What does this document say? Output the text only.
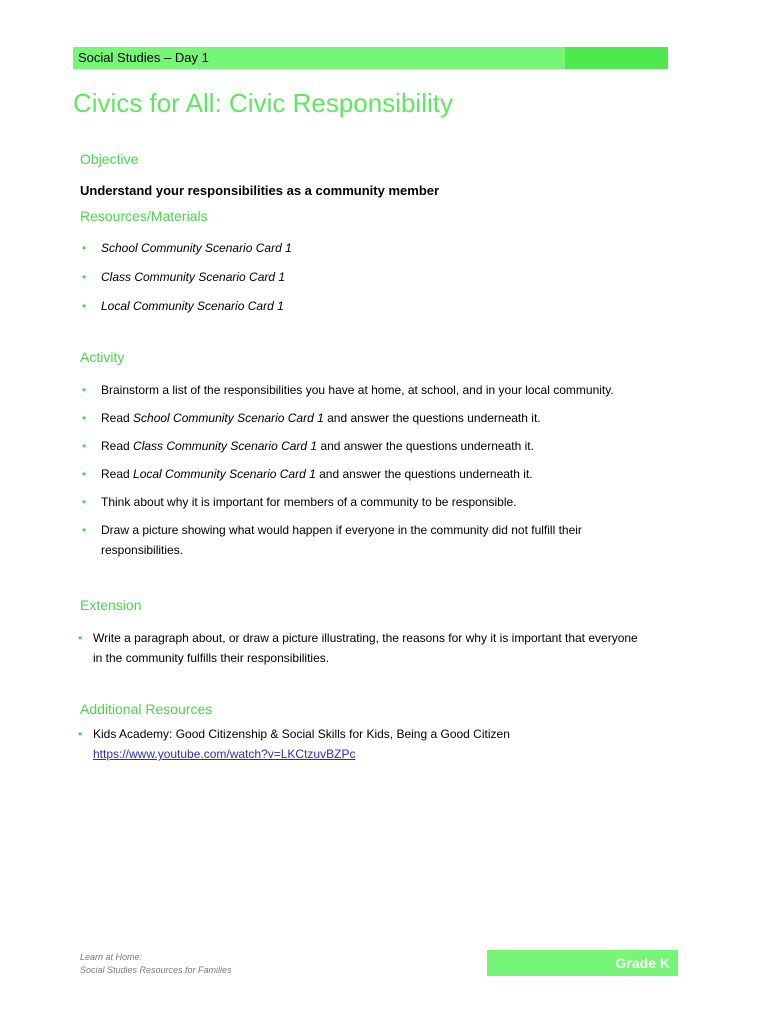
Social Studies – Day 1
Civics for All: Civic Responsibility
Objective
Understand your responsibilities as a community member
Resources/Materials
• School Community Scenario Card 1
• Class Community Scenario Card 1
• Local Community Scenario Card 1
Activity
• Brainstorm a list of the responsibilities you have at home, at school, and in your local community.
• Read School Community Scenario Card 1 and answer the questions underneath it.
• Read Class Community Scenario Card 1 and answer the questions underneath it.
• Read Local Community Scenario Card 1 and answer the questions underneath it.
• Think about why it is important for members of a community to be responsible.
• Draw a picture showing what would happen if everyone in the community did not fulfill their responsibilities.
Extension
• Write a paragraph about, or draw a picture illustrating, the reasons for why it is important that everyone in the community fulfills their responsibilities.
Additional Resources
• Kids Academy: Good Citizenship & Social Skills for Kids, Being a Good Citizen
https://www.youtube.com/watch?v=LKCtzuvBZPc
Learn at Home:
Social Studies Resources for Families	Grade K
